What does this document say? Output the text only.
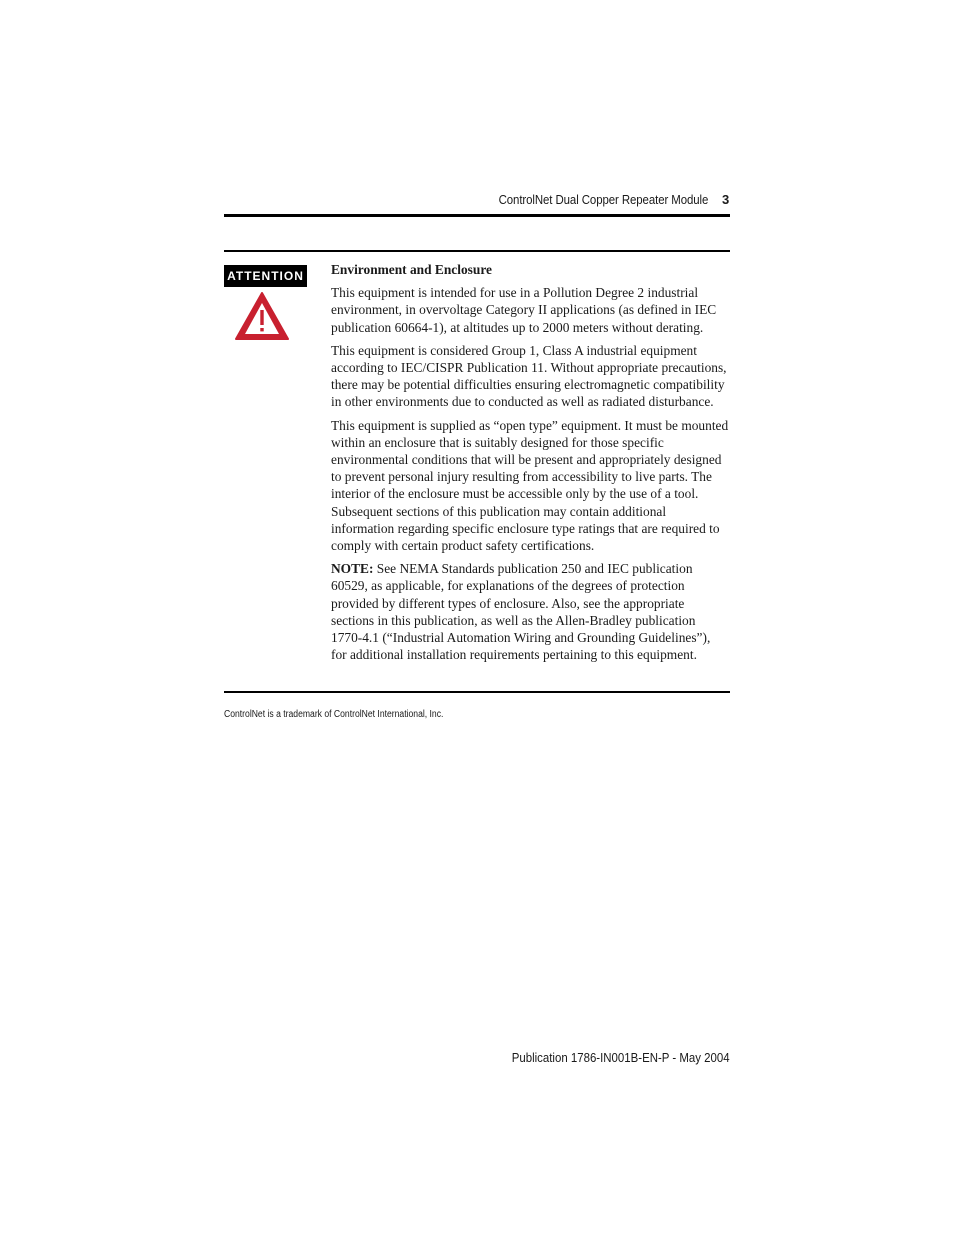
ControlNet Dual Copper Repeater Module 3
ATTENTION Environment and Enclosure

This equipment is intended for use in a Pollution Degree 2 industrial environment, in overvoltage Category II applications (as defined in IEC publication 60664-1), at altitudes up to 2000 meters without derating.

This equipment is considered Group 1, Class A industrial equipment according to IEC/CISPR Publication 11. Without appropriate precautions, there may be potential difficulties ensuring electromagnetic compatibility in other environments due to conducted as well as radiated disturbance.

This equipment is supplied as “open type” equipment. It must be mounted within an enclosure that is suitably designed for those specific environmental conditions that will be present and appropriately designed to prevent personal injury resulting from accessibility to live parts. The interior of the enclosure must be accessible only by the use of a tool. Subsequent sections of this publication may contain additional information regarding specific enclosure type ratings that are required to comply with certain product safety certifications.

NOTE: See NEMA Standards publication 250 and IEC publication 60529, as applicable, for explanations of the degrees of protection provided by different types of enclosure. Also, see the appropriate sections in this publication, as well as the Allen-Bradley publication 1770-4.1 (“Industrial Automation Wiring and Grounding Guidelines”), for additional installation requirements pertaining to this equipment.

ControlNet is a trademark of ControlNet International, Inc.
Publication 1786-IN001B-EN-P - May 2004
